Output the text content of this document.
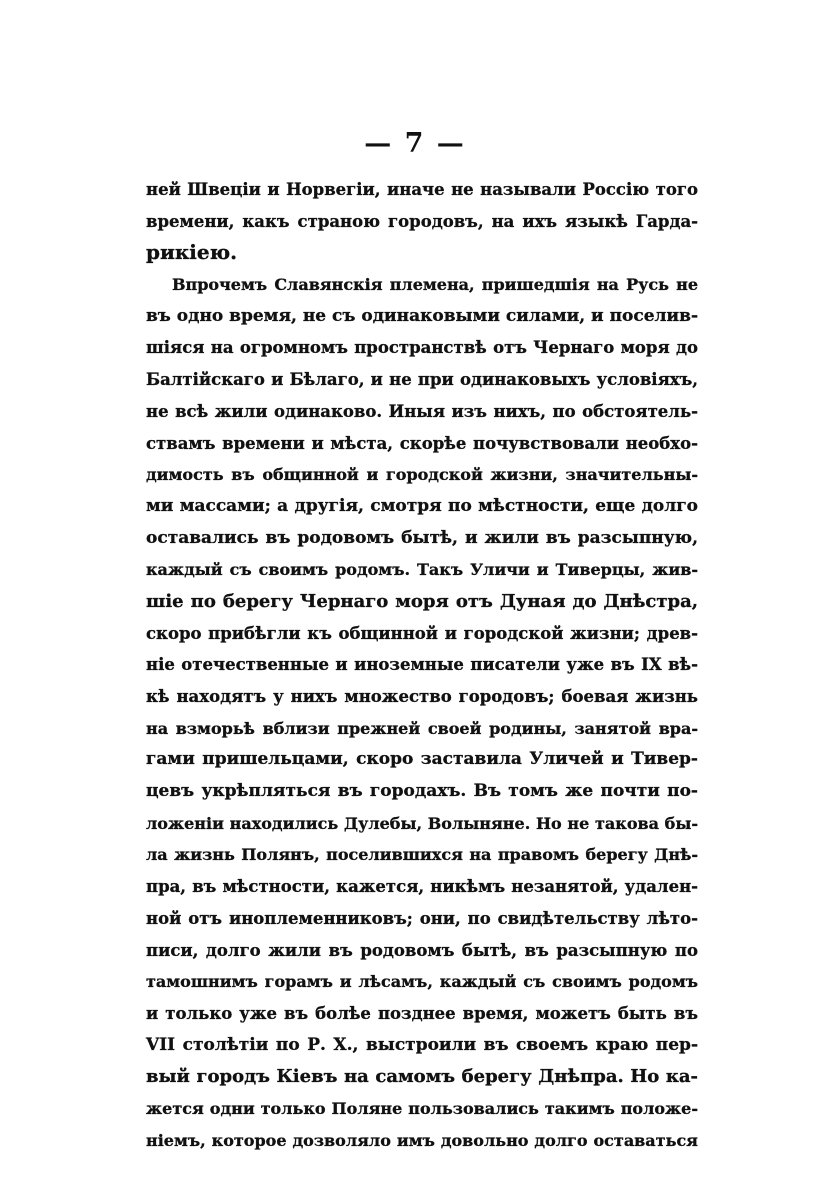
— 7 —
ней Швеціи и Норвегіи, иначе не называли Россію того
времени, какъ страною городовъ, на ихъ языкѣ Гарда-
рикіею.
Впрочемъ Славянскія племена, пришедшія на Русь не
въ одно время, не съ одинаковыми силами, и поселив-
шіяся на огромномъ пространствѣ отъ Чернаго моря до
Балтійскаго и Бѣлаго, и не при одинаковыхъ условіяхъ,
не всѣ жили одинаково. Иныя изъ нихъ, по обстоятель-
ствамъ времени и мѣста, скорѣе почувствовали необхо-
димость въ общинной и городской жизни, значительны-
ми массами; а другія, смотря по мѣстности, еще долго
оставались въ родовомъ бытѣ, и жили въ разсыпную,
каждый съ своимъ родомъ. Такъ Уличи и Тиверцы, жив-
шіе по берегу Чернаго моря отъ Дуная до Днѣстра,
скоро прибѣгли къ общинной и городской жизни; древ-
ніе отечественные и иноземные писатели уже въ IX вѣ-
кѣ находятъ у нихъ множество городовъ; боевая жизнь
на взморьѣ вблизи прежней своей родины, занятой вра-
гами пришельцами, скоро заставила Уличей и Тивер-
цевъ укрѣпляться въ городахъ. Въ томъ же почти по-
ложеніи находились Дулебы, Волыняне. Но не такова бы-
ла жизнь Полянъ, поселившихся на правомъ берегу Днѣ-
пра, въ мѣстности, кажется, никѣмъ незанятой, удален-
ной отъ иноплеменниковъ; они, по свидѣтельству лѣто-
писи, долго жили въ родовомъ бытѣ, въ разсыпную по
тамошнимъ горамъ и лѣсамъ, каждый съ своимъ родомъ
и только уже въ болѣе позднее время, можетъ быть въ
VII столѣтіи по Р. Х., выстроили въ своемъ краю пер-
вый городъ Кіевъ на самомъ берегу Днѣпра. Но ка-
жется одни только Поляне пользовались такимъ положе-
ніемъ, которое дозволяло имъ довольно долго оставаться
